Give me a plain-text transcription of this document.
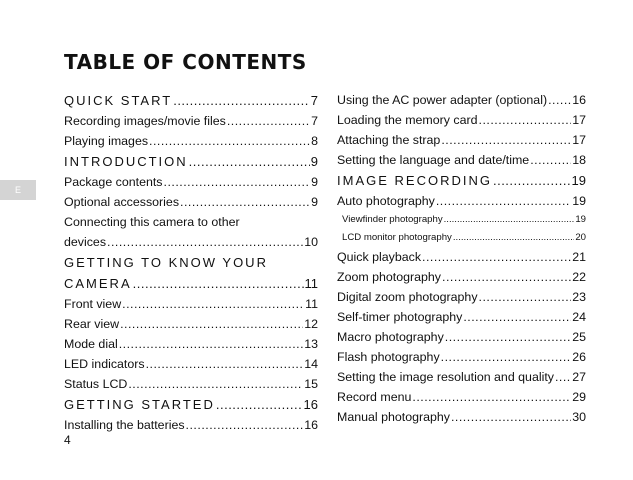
TABLE OF CONTENTS
E
QUICK START .....	7
Recording images/movie files .....	7
Playing images .....	8
INTRODUCTION .....	9
Package contents .....	9
Optional accessories .....	9
Connecting this camera to other
devices .....	10
GETTING TO KNOW YOUR
CAMERA .....	11
Front view .....	11
Rear view .....	12
Mode dial .....	13
LED indicators .....	14
Status LCD .....	15
GETTING STARTED .....	16
Installing the batteries .....	16
Using the AC power adapter (optional) ..... 16
Loading the memory card .....	17
Attaching the strap .....	17
Setting the language and date/time .....	18
IMAGE RECORDING .....	19
Auto photography .....	19
Viewfinder photography .....	19
LCD monitor photography .....	20
Quick playback .....	21
Zoom photography .....	22
Digital zoom photography .....	23
Self-timer photography .....	24
Macro photography .....	25
Flash photography .....	26
Setting the image resolution and quality ..... 27
Record menu .....	29
Manual photography .....	30
4
